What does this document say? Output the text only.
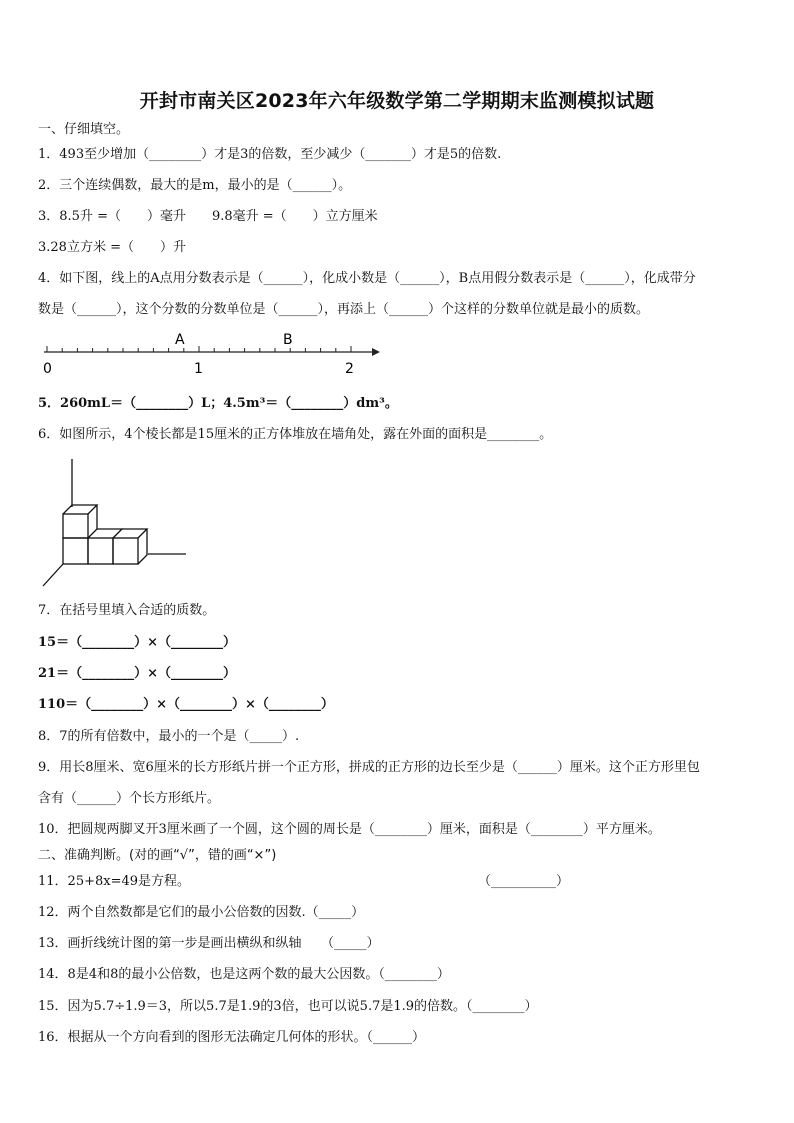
开封市南关区2023年六年级数学第二学期期末监测模拟试题
一、仔细填空。
1．493至少增加（________）才是3的倍数，至少减少（_______）才是5的倍数.
2．三个连续偶数，最大的是m，最小的是（______）。
3．8.5升 =（　　）毫升　　9.8毫升 =（　　）立方厘米
3.28立方米 =（　　）升
4．如下图，线上的A点用分数表示是（______），化成小数是（______），B点用假分数表示是（______），化成带分
数是（______），这个分数的分数单位是（______），再添上（______）个这样的分数单位就是最小的质数。
A	B
0	1	2
5．260mL＝（________）L；4.5m³＝（________）dm³。
6．如图所示，4个棱长都是15厘米的正方体堆放在墙角处，露在外面的面积是________。
7．在括号里填入合适的质数。
15＝（________）×（________）
21＝（________）×（________）
110＝（________）×（________）×（________）
8．7的所有倍数中，最小的一个是（_____）.
9．用长8厘米、宽6厘米的长方形纸片拼一个正方形，拼成的正方形的边长至少是（______）厘米。这个正方形里包
含有（______）个长方形纸片。
10．把圆规两脚叉开3厘米画了一个圆，这个圆的周长是（________）厘米，面积是（________）平方厘米。
二、准确判断。(对的画“√”，错的画“×”)
11．25+8x=49是方程。	（__________）
12．两个自然数都是它们的最小公倍数的因数.（_____）
13．画折线统计图的第一步是画出横纵和纵轴　　（_____）
14．8是4和8的最小公倍数，也是这两个数的最大公因数。（________）
15．因为5.7÷1.9＝3，所以5.7是1.9的3倍，也可以说5.7是1.9的倍数。（________）
16．根据从一个方向看到的图形无法确定几何体的形状。（______）
